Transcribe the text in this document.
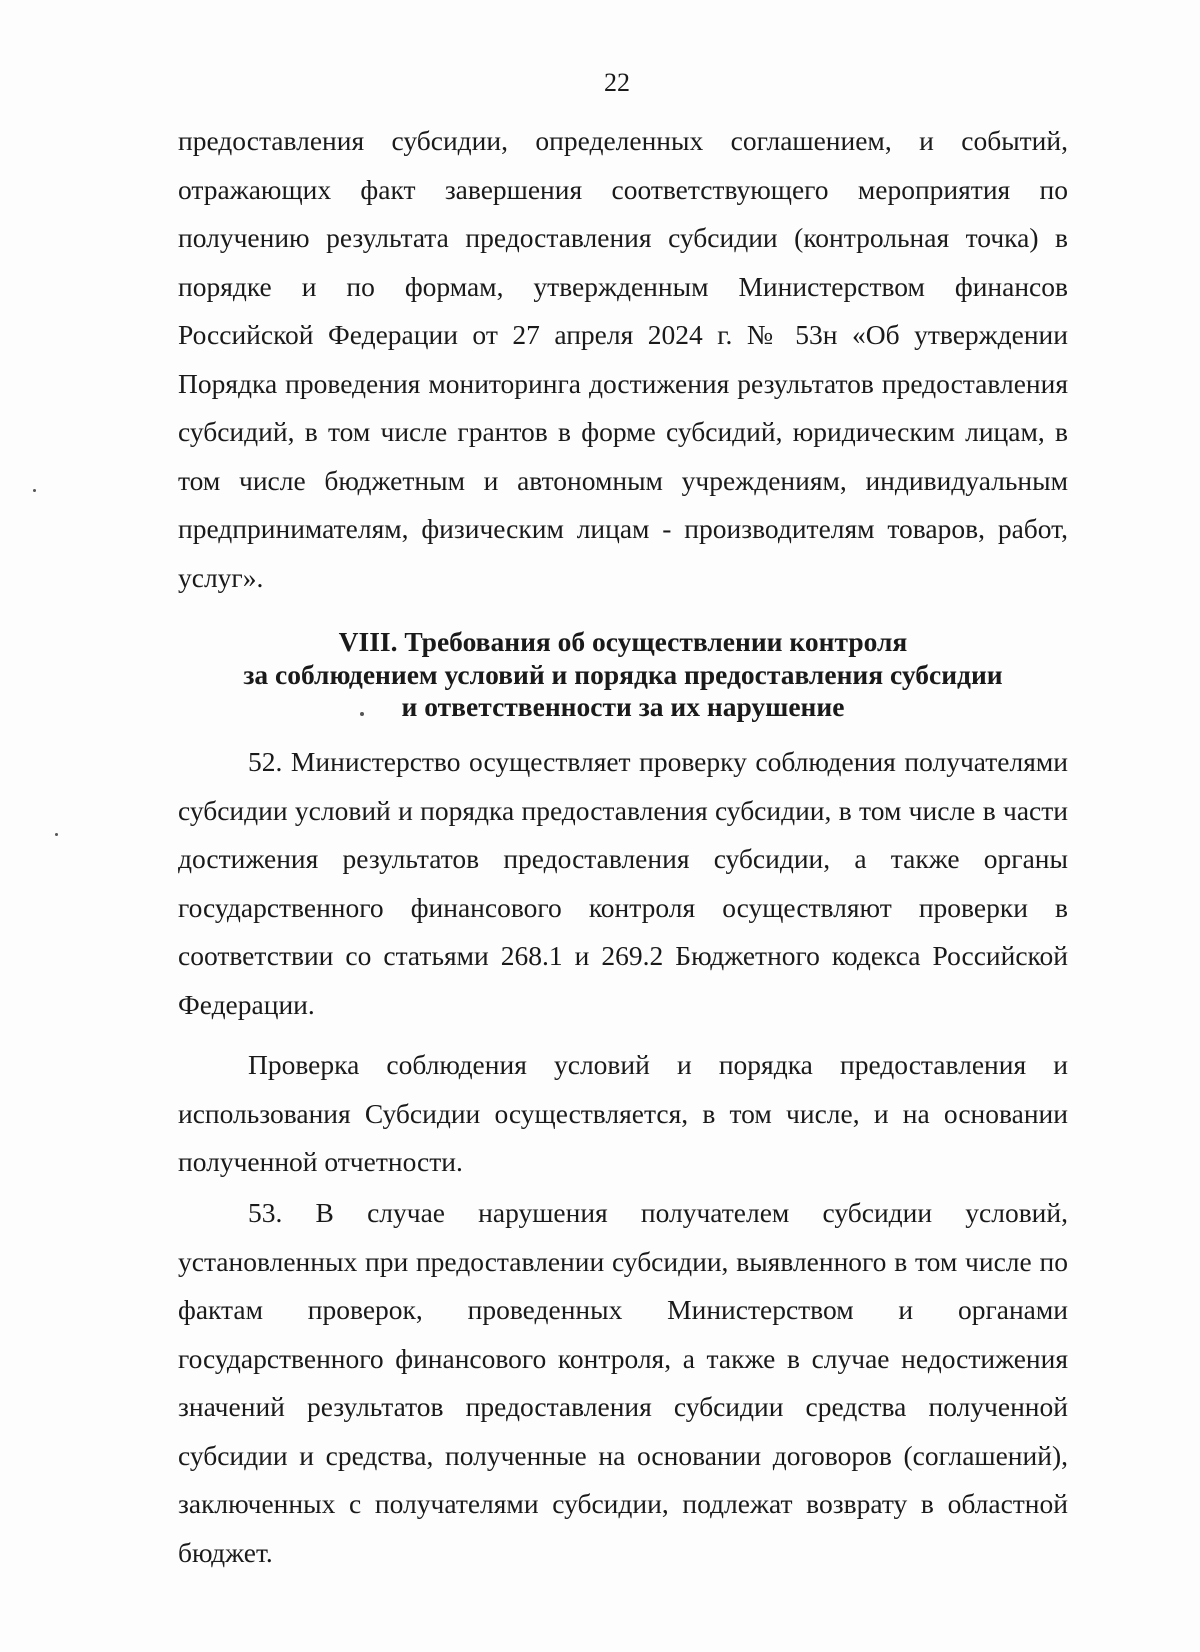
22

предоставления субсидии, определенных соглашением, и событий, отражающих факт завершения соответствующего мероприятия по получению результата предоставления субсидии (контрольная точка) в порядке и по формам, утвержденным Министерством финансов Российской Федерации от 27 апреля 2024 г. № 53н «Об утверждении Порядка проведения мониторинга достижения результатов предоставления субсидий, в том числе грантов в форме субсидий, юридическим лицам, в том числе бюджетным и автономным учреждениям, индивидуальным предпринимателям, физическим лицам - производителям товаров, работ, услуг».

VIII. Требования об осуществлении контроля
за соблюдением условий и порядка предоставления субсидии
и ответственности за их нарушение

52. Министерство осуществляет проверку соблюдения получателями субсидии условий и порядка предоставления субсидии, в том числе в части достижения результатов предоставления субсидии, а также органы государственного финансового контроля осуществляют проверки в соответствии со статьями 268.1 и 269.2 Бюджетного кодекса Российской Федерации.

Проверка соблюдения условий и порядка предоставления и использования Субсидии осуществляется, в том числе, и на основании полученной отчетности.

53. В случае нарушения получателем субсидии условий, установленных при предоставлении субсидии, выявленного в том числе по фактам проверок, проведенных Министерством и органами государственного финансового контроля, а также в случае недостижения значений результатов предоставления субсидии средства полученной субсидии и средства, полученные на основании договоров (соглашений), заключенных с получателями субсидии, подлежат возврату в областной бюджет.
